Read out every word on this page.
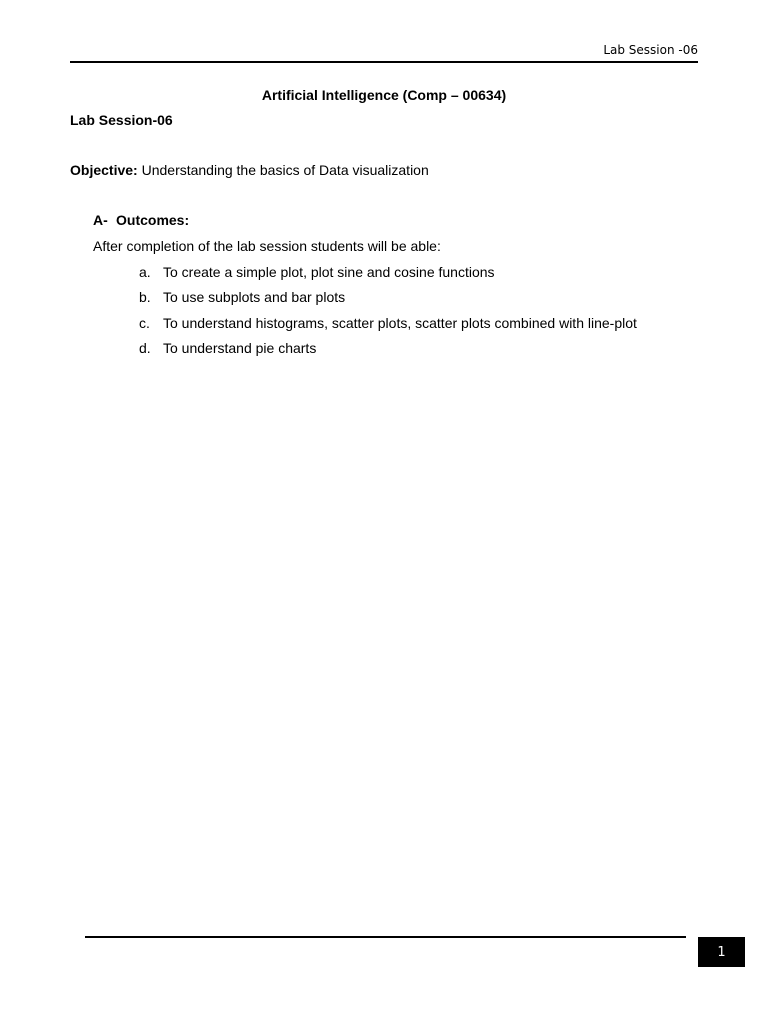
Lab Session -06
Artificial Intelligence (Comp – 00634)
Lab Session-06
Objective: Understanding the basics of Data visualization
A- Outcomes:
After completion of the lab session students will be able:
a. To create a simple plot, plot sine and cosine functions
b. To use subplots and bar plots
c. To understand histograms, scatter plots, scatter plots combined with line-plot
d. To understand pie charts
1
